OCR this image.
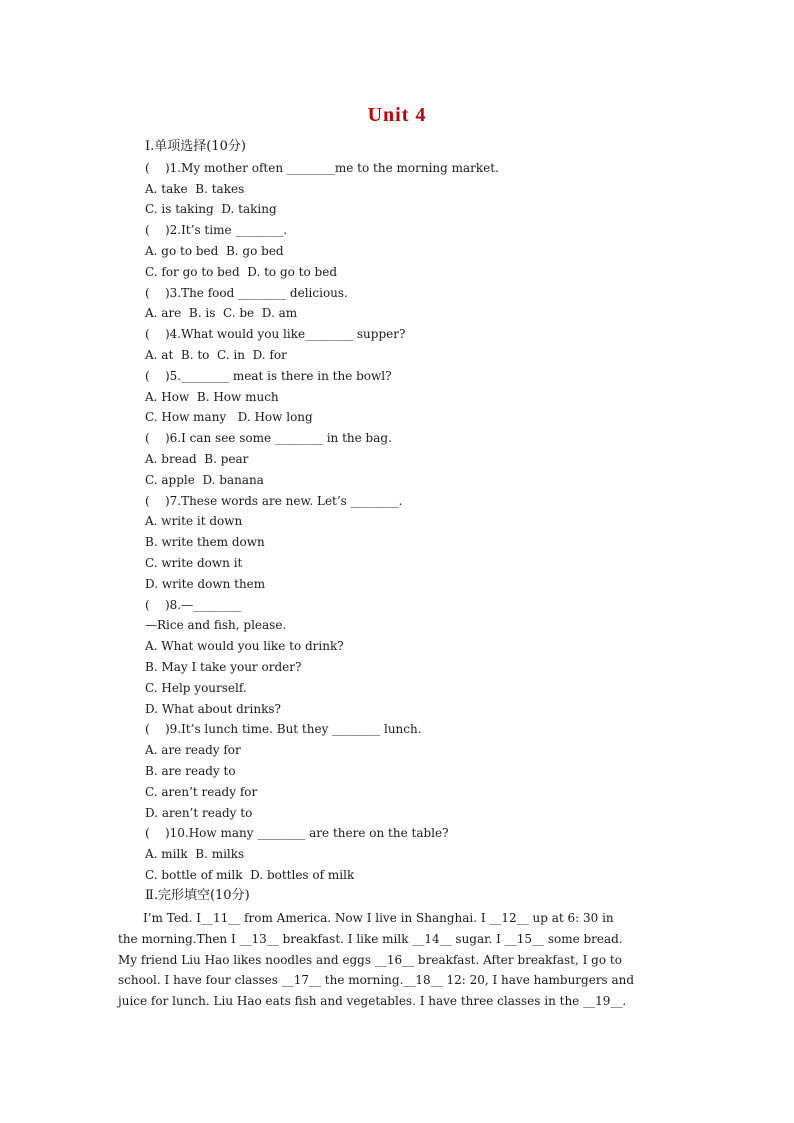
Unit 4
Ⅰ.单项选择(10分)
(    )1.My mother often ________me to the morning market.
A. take  B. takes
C. is taking  D. taking
(    )2.It’s time ________.
A. go to bed  B. go bed
C. for go to bed  D. to go to bed
(    )3.The food ________ delicious.
A. are  B. is  C. be  D. am
(    )4.What would you like________ supper?
A. at  B. to  C. in  D. for
(    )5.________ meat is there in the bowl?
A. How  B. How much
C. How many   D. How long
(    )6.I can see some ________ in the bag.
A. bread  B. pear
C. apple  D. banana
(    )7.These words are new. Let’s ________.
A. write it down
B. write them down
C. write down it
D. write down them
(    )8.—________
—Rice and fish, please.
A. What would you like to drink?
B. May I take your order?
C. Help yourself.
D. What about drinks?
(    )9.It’s lunch time. But they ________ lunch.
A. are ready for
B. are ready to
C. aren’t ready for
D. aren’t ready to
(    )10.How many ________ are there on the table?
A. milk  B. milks
C. bottle of milk  D. bottles of milk
Ⅱ.完形填空(10分)
I’m Ted. I__11__ from America. Now I live in Shanghai. I __12__ up at 6: 30 in
the morning.Then I __13__ breakfast. I like milk __14__ sugar. I __15__ some bread.
My friend Liu Hao likes noodles and eggs __16__ breakfast. After breakfast, I go to
school. I have four classes __17__ the morning.__18__ 12: 20, I have hamburgers and
juice for lunch. Liu Hao eats fish and vegetables. I have three classes in the __19__.
